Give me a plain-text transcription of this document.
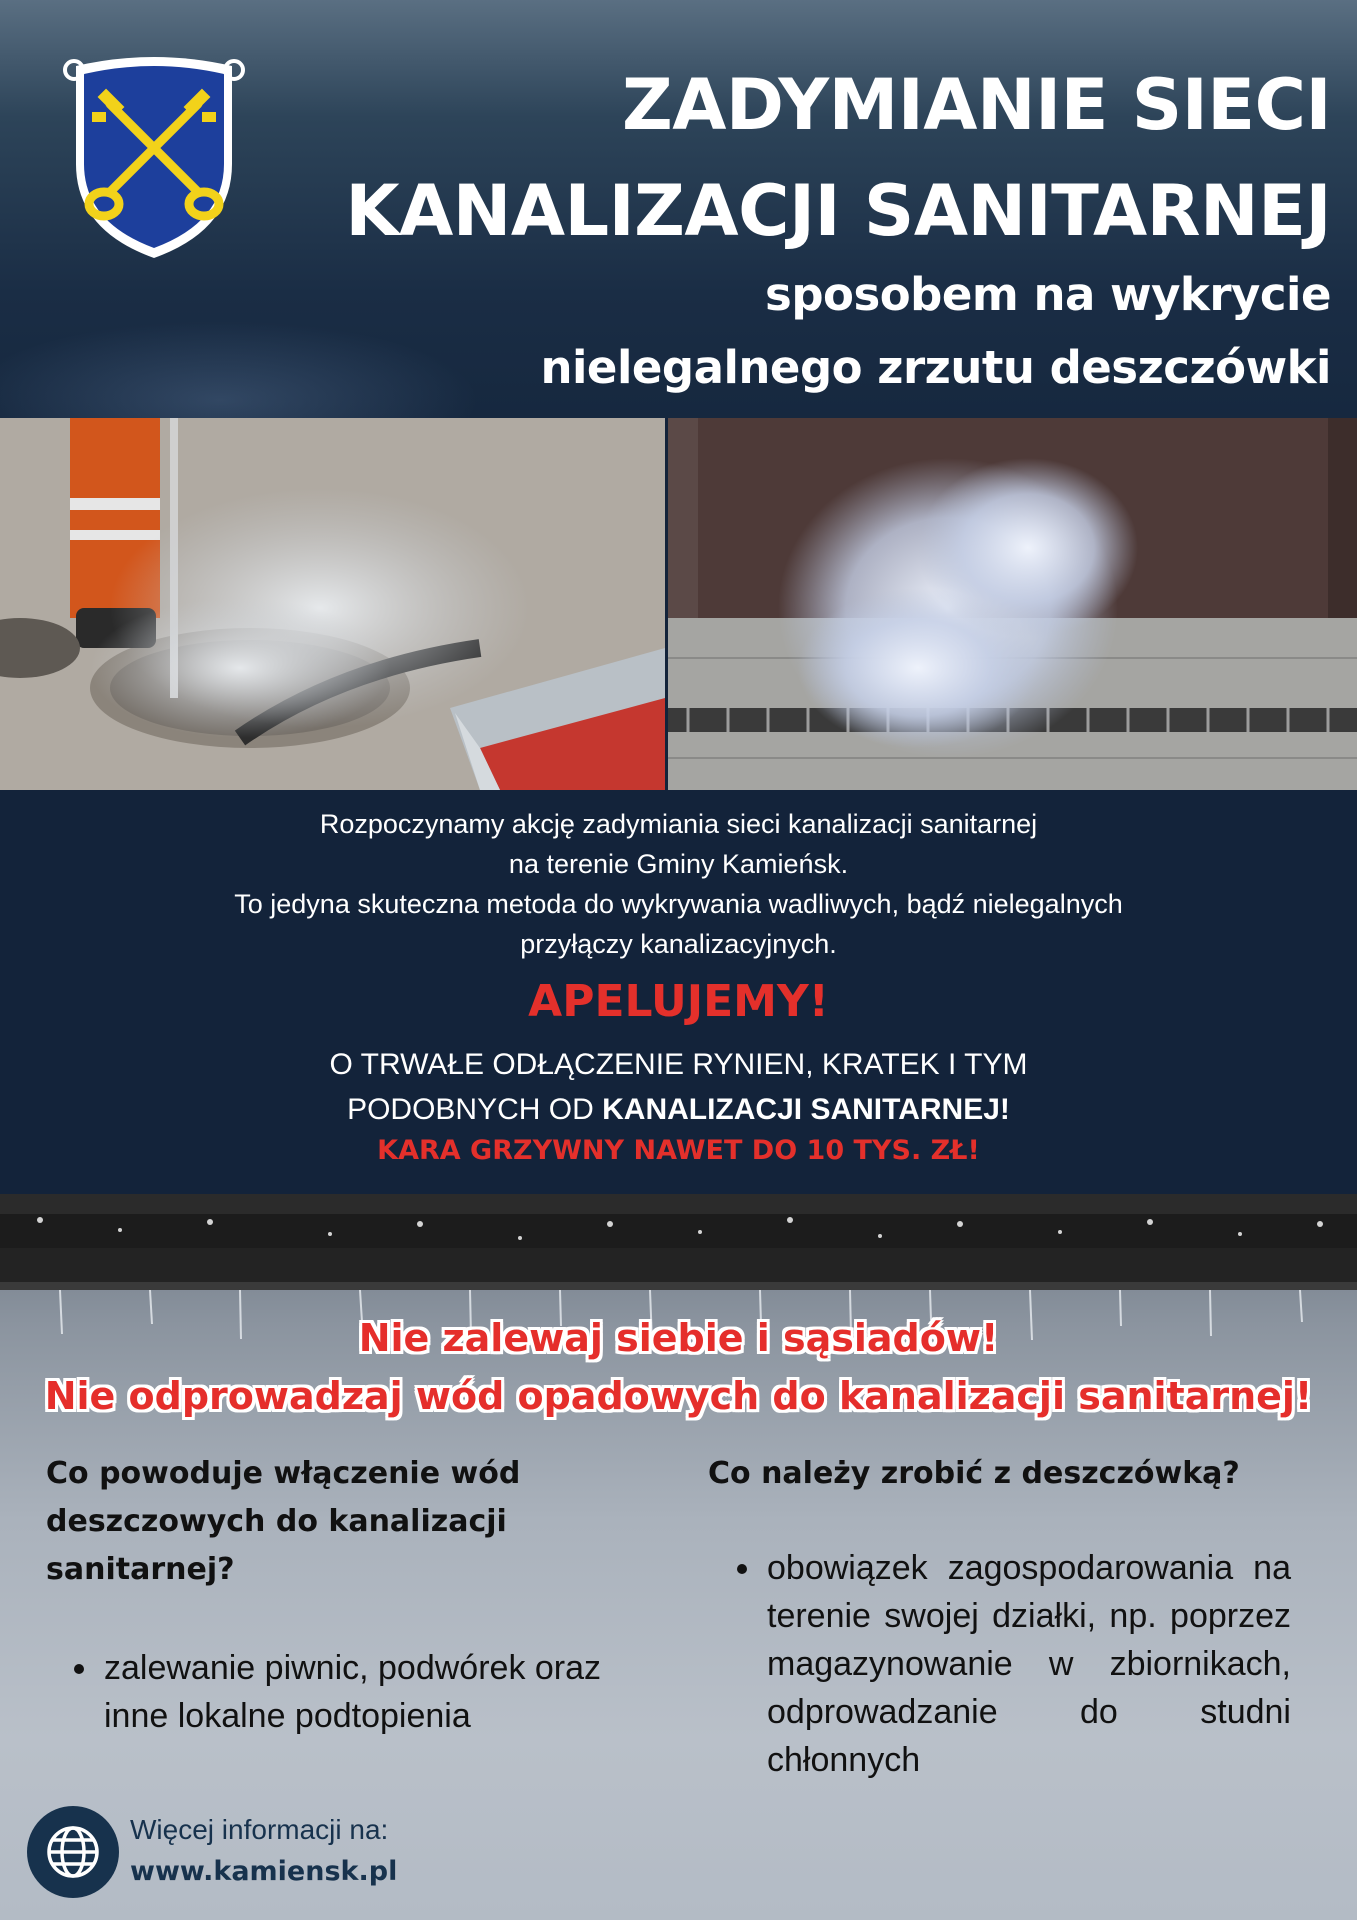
ZADYMIANIE SIECI
KANALIZACJI SANITARNEJ
sposobem na wykrycie
nielegalnego zrzutu deszczówki
Rozpoczynamy akcję zadymiania sieci kanalizacji sanitarnej
na terenie Gminy Kamieńsk.
To jedyna skuteczna metoda do wykrywania wadliwych, bądź nielegalnych
przyłączy kanalizacyjnych.
APELUJEMY!
O TRWAŁE ODŁĄCZENIE RYNIEN, KRATEK I TYM
PODOBNYCH OD KANALIZACJI SANITARNEJ!
KARA GRZYWNY NAWET DO 10 TYS. ZŁ!
Nie zalewaj siebie i sąsiadów!
Nie odprowadzaj wód opadowych do kanalizacji sanitarnej!
Co powoduje włączenie wód deszczowych do kanalizacji sanitarnej?
Co należy zrobić z deszczówką?
zalewanie piwnic, podwórek oraz inne lokalne podtopienia
obowiązek zagospodarowania na terenie swojej działki, np. poprzez magazynowanie w zbiornikach, odprowadzanie do studni chłonnych
Więcej informacji na:
www.kamiensk.pl
